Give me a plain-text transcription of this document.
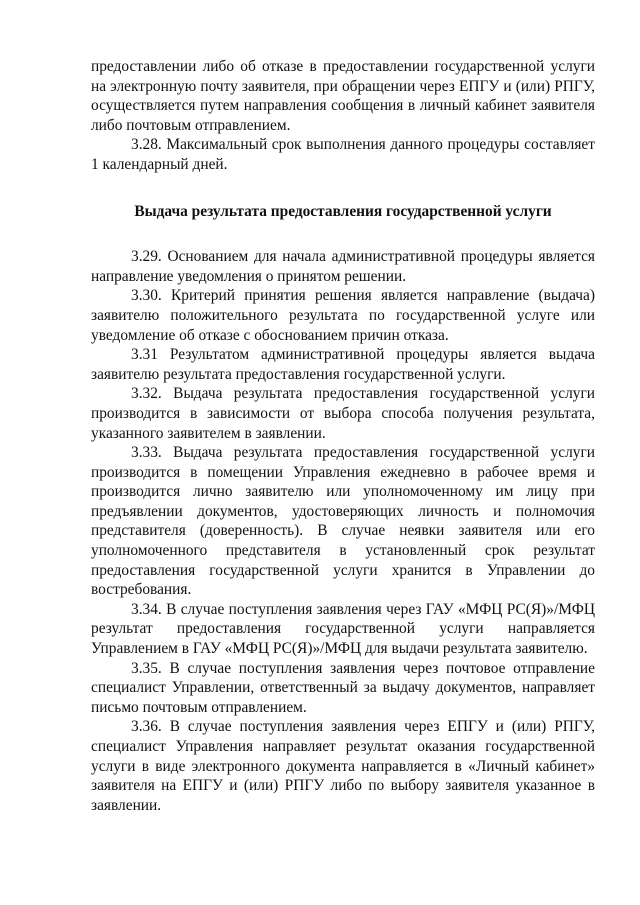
предоставлении либо об отказе в предоставлении государственной услуги на электронную почту заявителя, при обращении через ЕПГУ и (или) РПГУ, осуществляется путем направления сообщения в личный кабинет заявителя либо почтовым отправлением.

3.28. Максимальный срок выполнения данного процедуры составляет 1 календарный дней.

Выдача результата предоставления государственной услуги

3.29. Основанием для начала административной процедуры является направление уведомления о принятом решении.

3.30. Критерий принятия решения является направление (выдача) заявителю положительного результата по государственной услуге или уведомление об отказе с обоснованием причин отказа.

3.31 Результатом административной процедуры является выдача заявителю результата предоставления государственной услуги.

3.32. Выдача результата предоставления государственной услуги производится в зависимости от выбора способа получения результата, указанного заявителем в заявлении.

3.33. Выдача результата предоставления государственной услуги производится в помещении Управления ежедневно в рабочее время и производится лично заявителю или уполномоченному им лицу при предъявлении документов, удостоверяющих личность и полномочия представителя (доверенность). В случае неявки заявителя или его уполномоченного представителя в установленный срок результат предоставления государственной услуги хранится в Управлении до востребования.

3.34. В случае поступления заявления через ГАУ «МФЦ РС(Я)»/МФЦ результат предоставления государственной услуги направляется Управлением в ГАУ «МФЦ РС(Я)»/МФЦ для выдачи результата заявителю.

3.35. В случае поступления заявления через почтовое отправление специалист Управлении, ответственный за выдачу документов, направляет письмо почтовым отправлением.

3.36. В случае поступления заявления через ЕПГУ и (или) РПГУ, специалист Управления направляет результат оказания государственной услуги в виде электронного документа направляется в «Личный кабинет» заявителя на ЕПГУ и (или) РПГУ либо по выбору заявителя указанное в заявлении.
